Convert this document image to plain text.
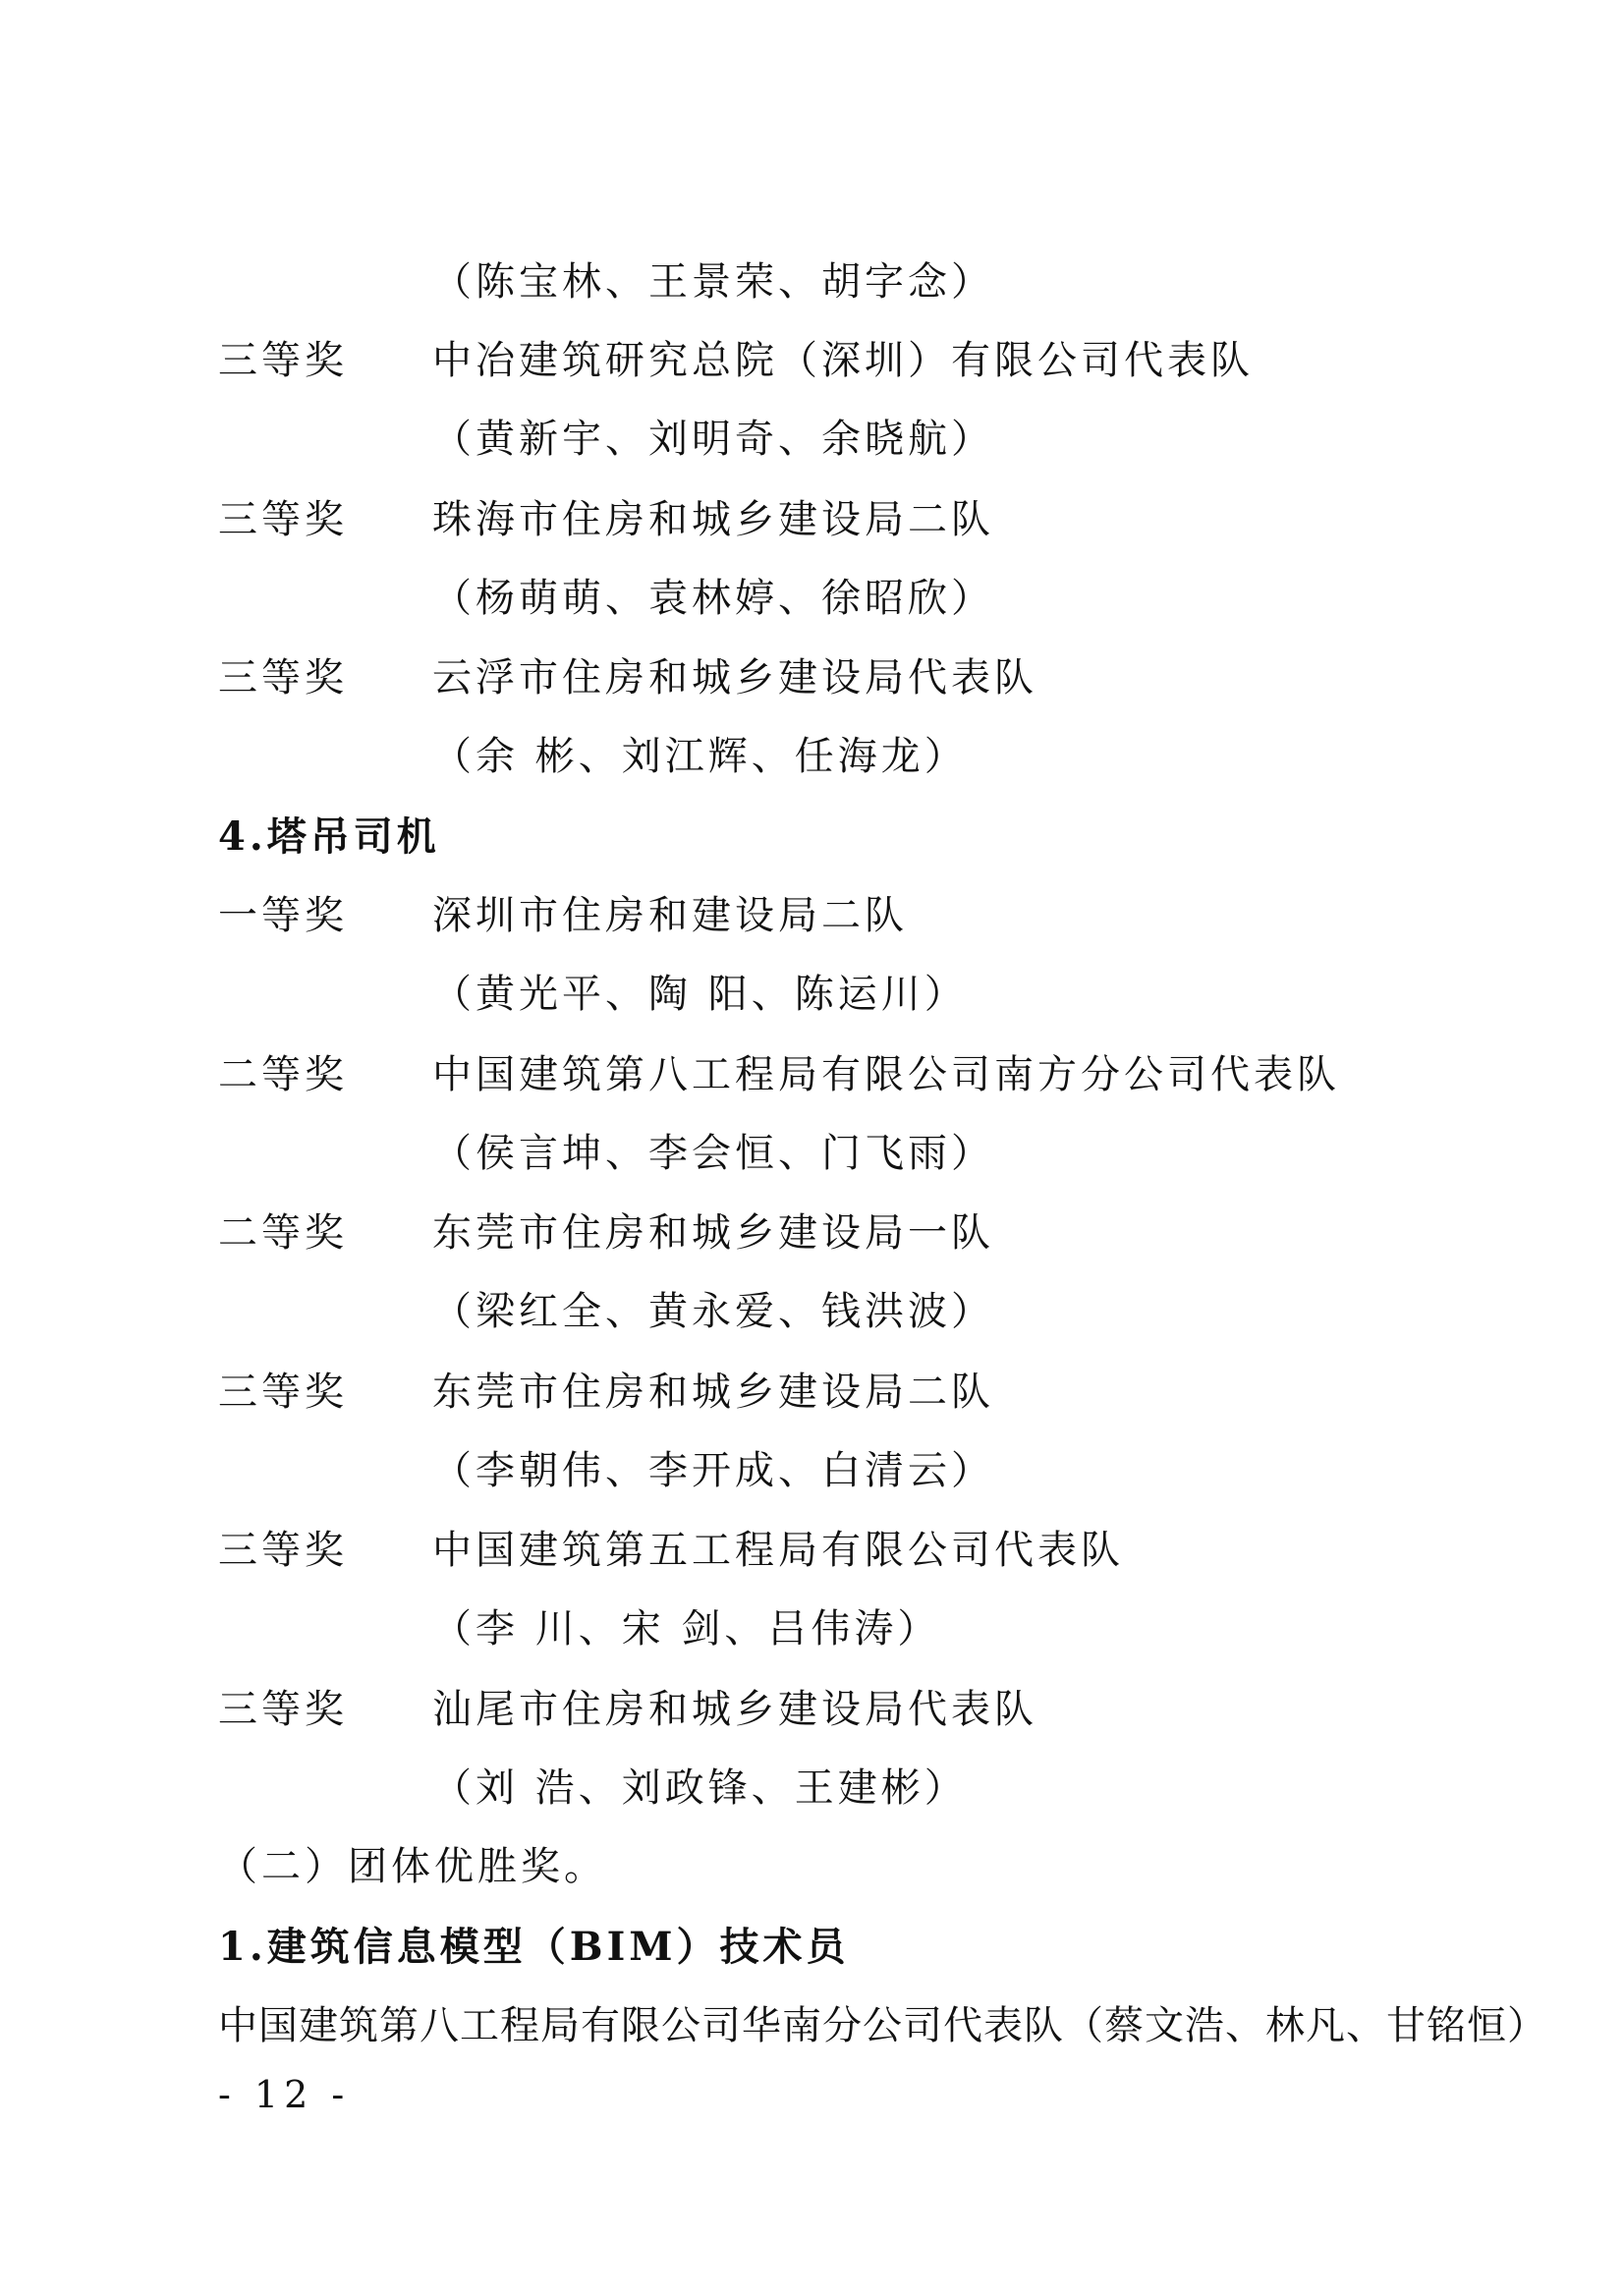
（陈宝林、王景荣、胡字念）
三等奖 中冶建筑研究总院（深圳）有限公司代表队
（黄新宇、刘明奇、余晓航）
三等奖 珠海市住房和城乡建设局二队
（杨萌萌、袁林婷、徐昭欣）
三等奖 云浮市住房和城乡建设局代表队
（余 彬、刘江辉、任海龙）
4.塔吊司机
一等奖 深圳市住房和建设局二队
（黄光平、陶 阳、陈运川）
二等奖 中国建筑第八工程局有限公司南方分公司代表队
（侯言坤、李会恒、门飞雨）
二等奖 东莞市住房和城乡建设局一队
（梁红全、黄永爱、钱洪波）
三等奖 东莞市住房和城乡建设局二队
（李朝伟、李开成、白清云）
三等奖 中国建筑第五工程局有限公司代表队
（李 川、宋 剑、吕伟涛）
三等奖 汕尾市住房和城乡建设局代表队
（刘 浩、刘政锋、王建彬）
（二）团体优胜奖。
1.建筑信息模型（BIM）技术员
中国建筑第八工程局有限公司华南分公司代表队（蔡文浩、林凡、甘铭恒）
- 12 -
